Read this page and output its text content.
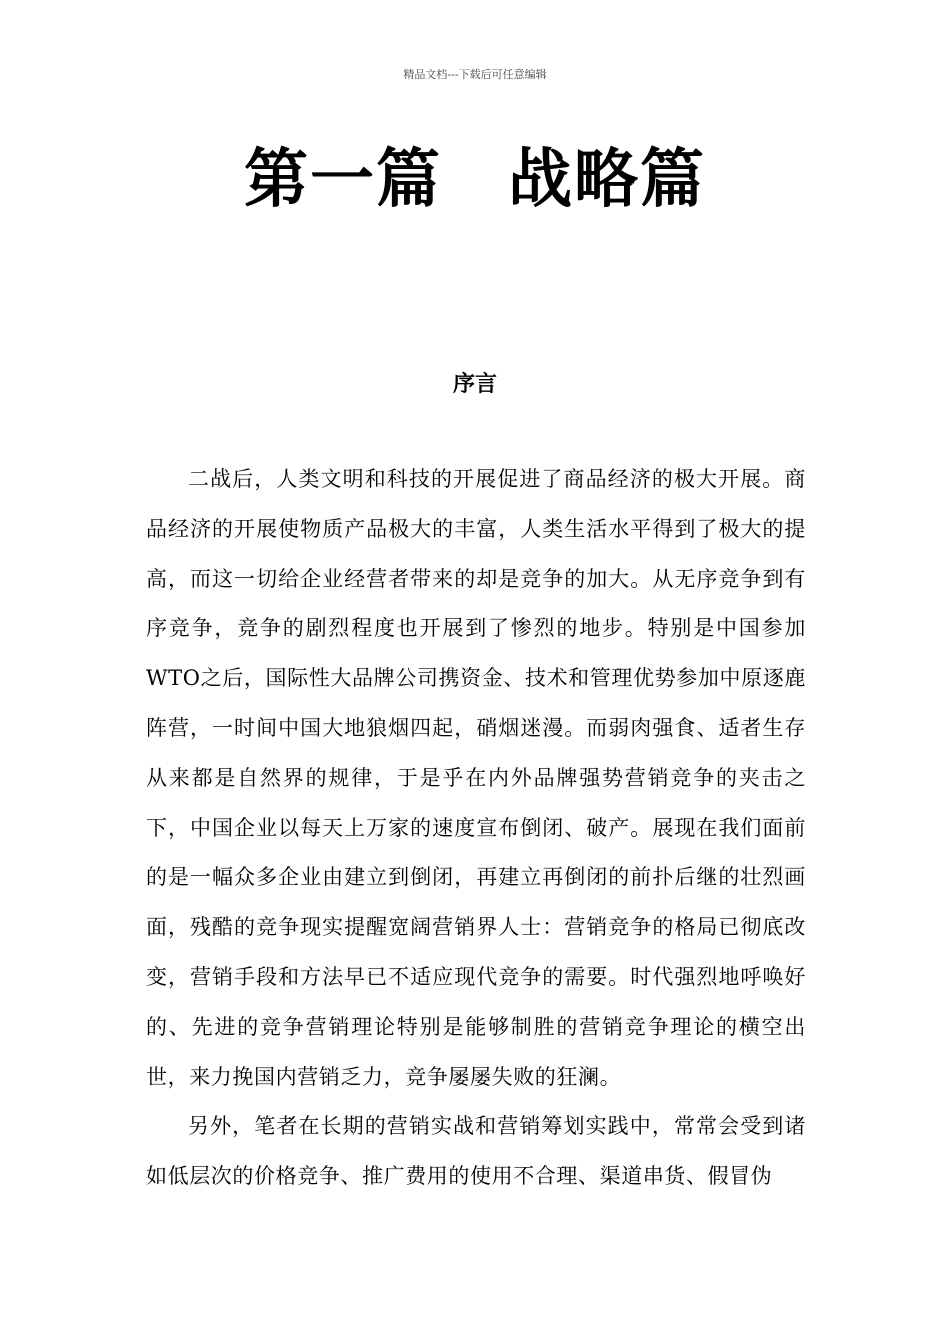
精品文档---下载后可任意编辑
第一篇　战略篇
序言

二战后，人类文明和科技的开展促进了商品经济的极大开展。商品经济的开展使物质产品极大的丰富，人类生活水平得到了极大的提高，而这一切给企业经营者带来的却是竞争的加大。从无序竞争到有序竞争，竞争的剧烈程度也开展到了惨烈的地步。特别是中国参加WTO之后，国际性大品牌公司携资金、技术和管理优势参加中原逐鹿阵营，一时间中国大地狼烟四起，硝烟迷漫。而弱肉强食、适者生存从来都是自然界的规律，于是乎在内外品牌强势营销竞争的夹击之下，中国企业以每天上万家的速度宣布倒闭、破产。展现在我们面前的是一幅众多企业由建立到倒闭，再建立再倒闭的前扑后继的壮烈画面，残酷的竞争现实提醒宽阔营销界人士：营销竞争的格局已彻底改变，营销手段和方法早已不适应现代竞争的需要。时代强烈地呼唤好的、先进的竞争营销理论特别是能够制胜的营销竞争理论的横空出世，来力挽国内营销乏力，竞争屡屡失败的狂澜。

另外，笔者在长期的营销实战和营销筹划实践中，常常会受到诸如低层次的价格竞争、推广费用的使用不合理、渠道串货、假冒伪
